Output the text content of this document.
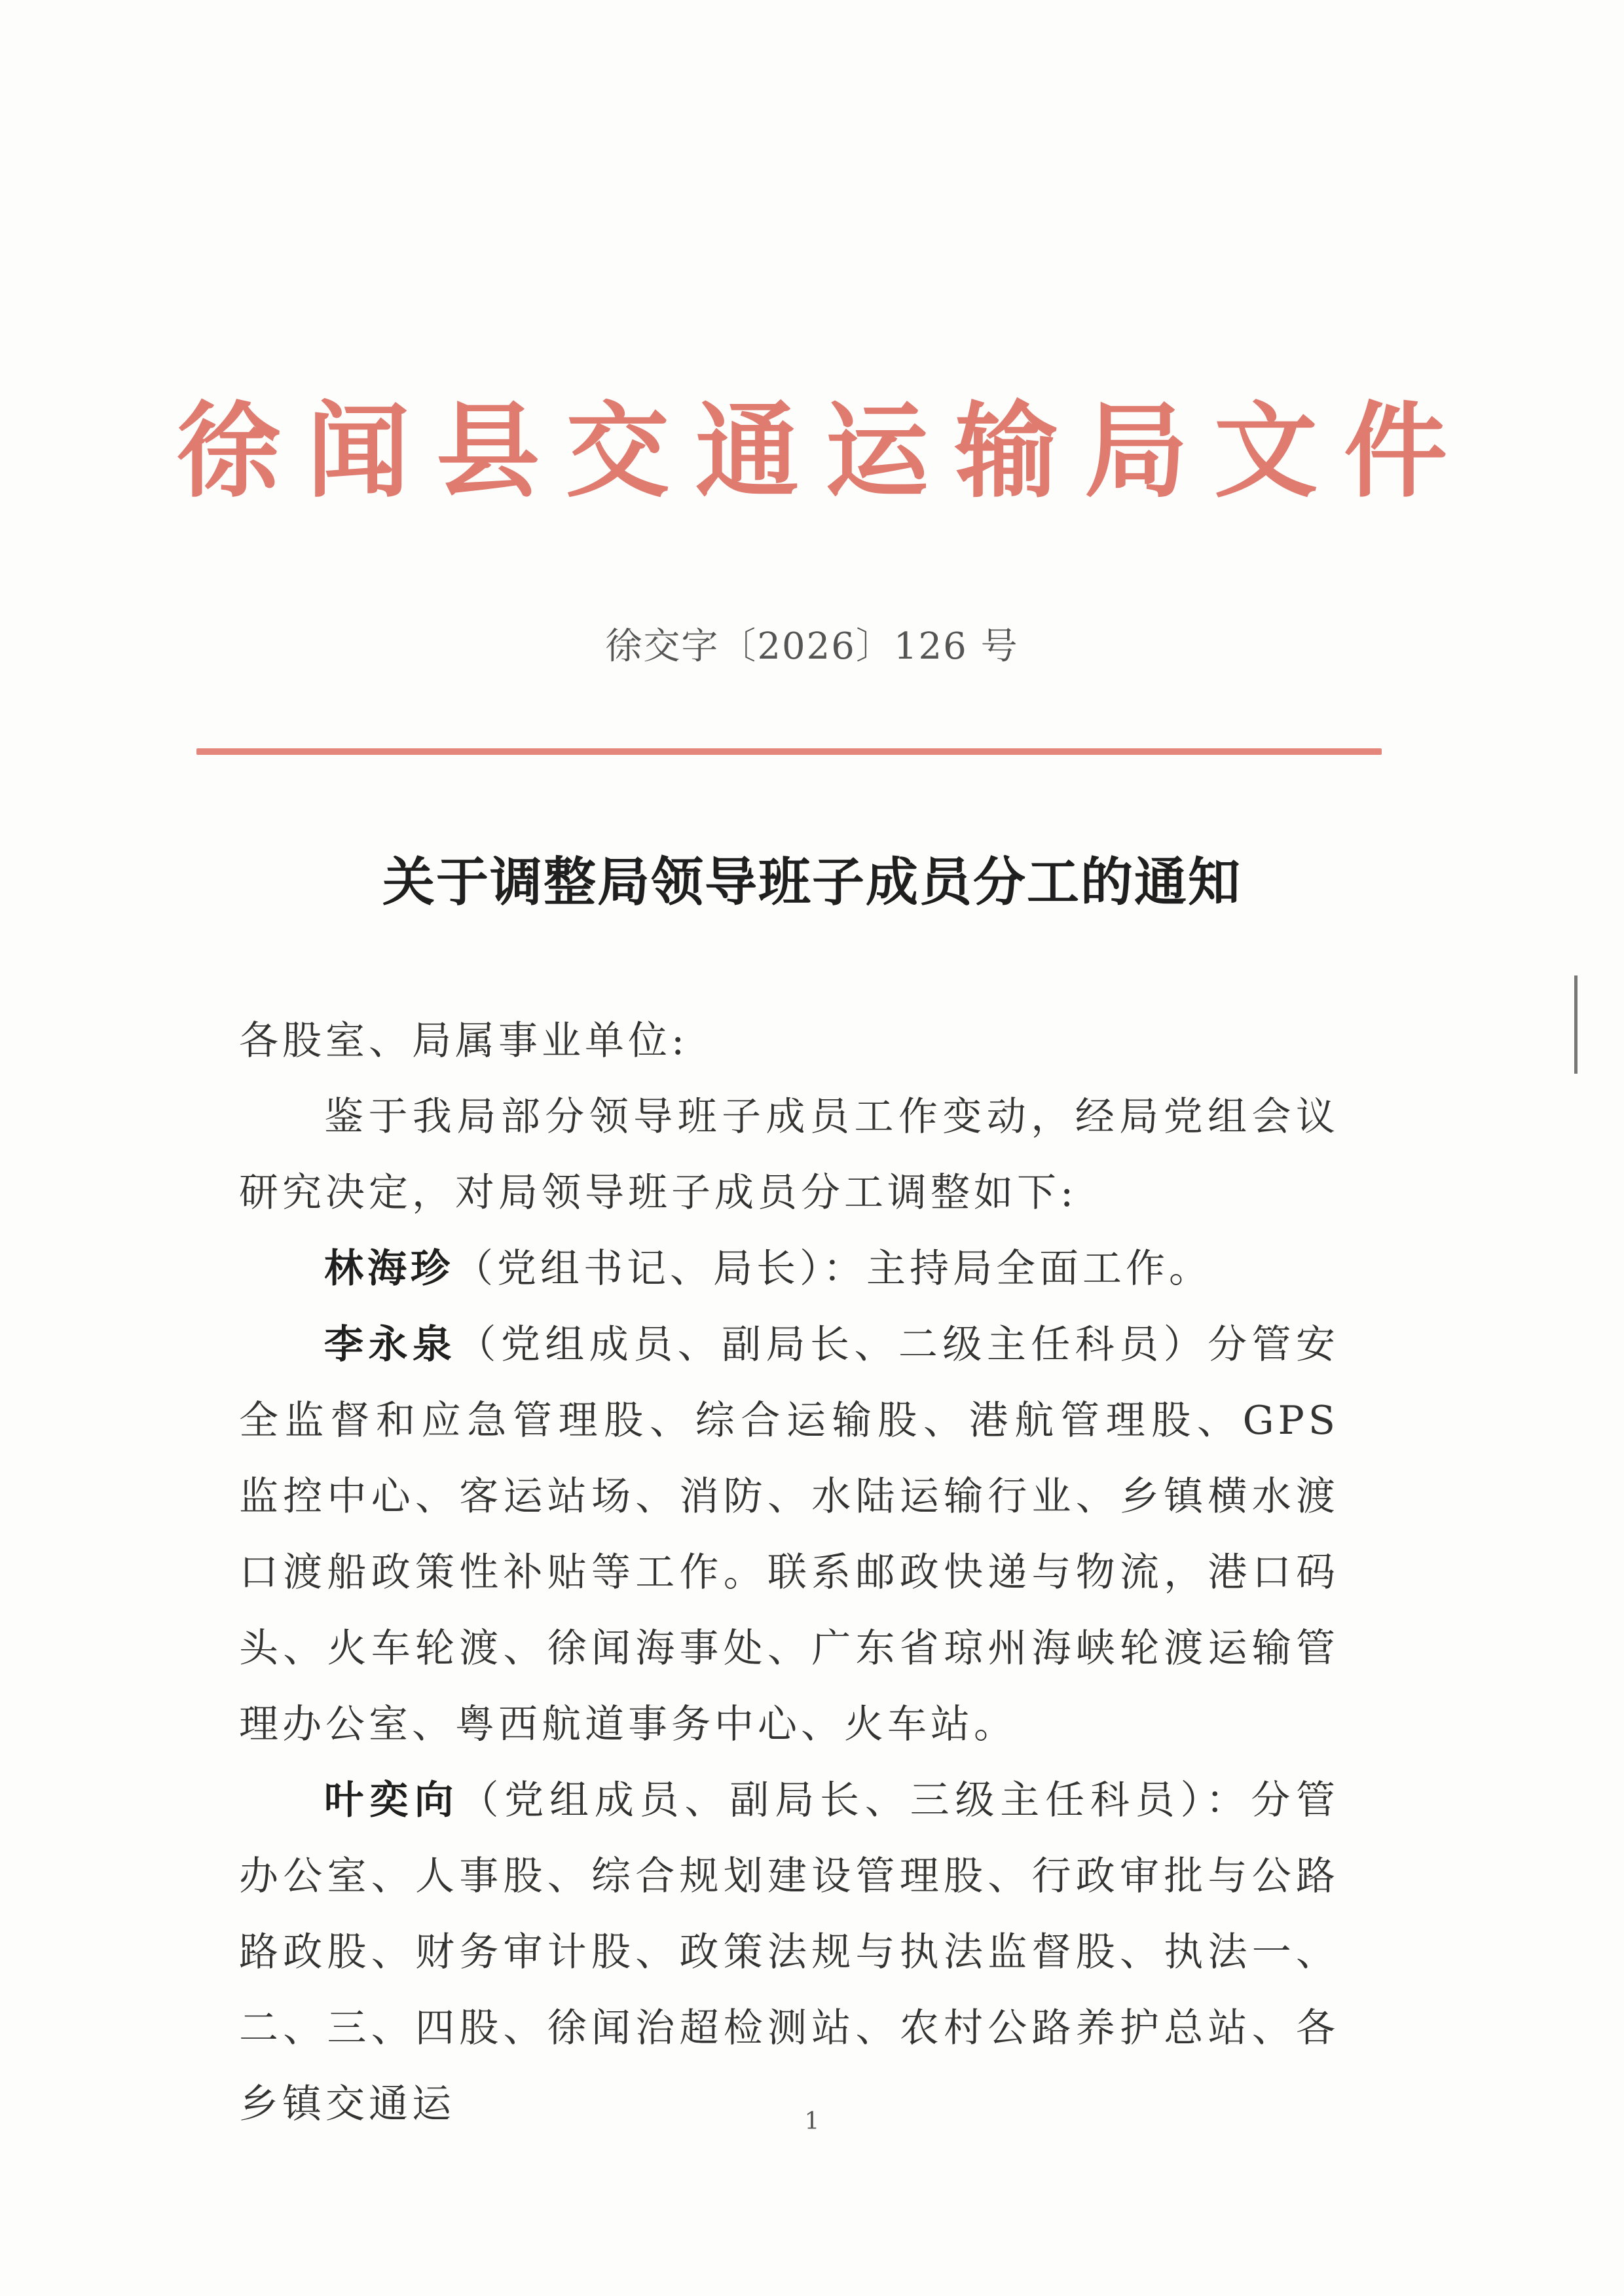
徐闻县交通运输局文件
徐交字〔2026〕126 号
关于调整局领导班子成员分工的通知

各股室、局属事业单位:

鉴于我局部分领导班子成员工作变动，经局党组会议研究决定，对局领导班子成员分工调整如下:

林海珍（党组书记、局长）：主持局全面工作。

李永泉（党组成员、副局长、二级主任科员）分管安全监督和应急管理股、综合运输股、港航管理股、GPS 监控中心、客运站场、消防、水陆运输行业、乡镇横水渡口渡船政策性补贴等工作。联系邮政快递与物流，港口码头、火车轮渡、徐闻海事处、广东省琼州海峡轮渡运输管理办公室、粤西航道事务中心、火车站。

叶奕向（党组成员、副局长、三级主任科员）：分管办公室、人事股、综合规划建设管理股、行政审批与公路路政股、财务审计股、政策法规与执法监督股、执法一、二、三、四股、徐闻治超检测站、农村公路养护总站、各乡镇交通运	1
